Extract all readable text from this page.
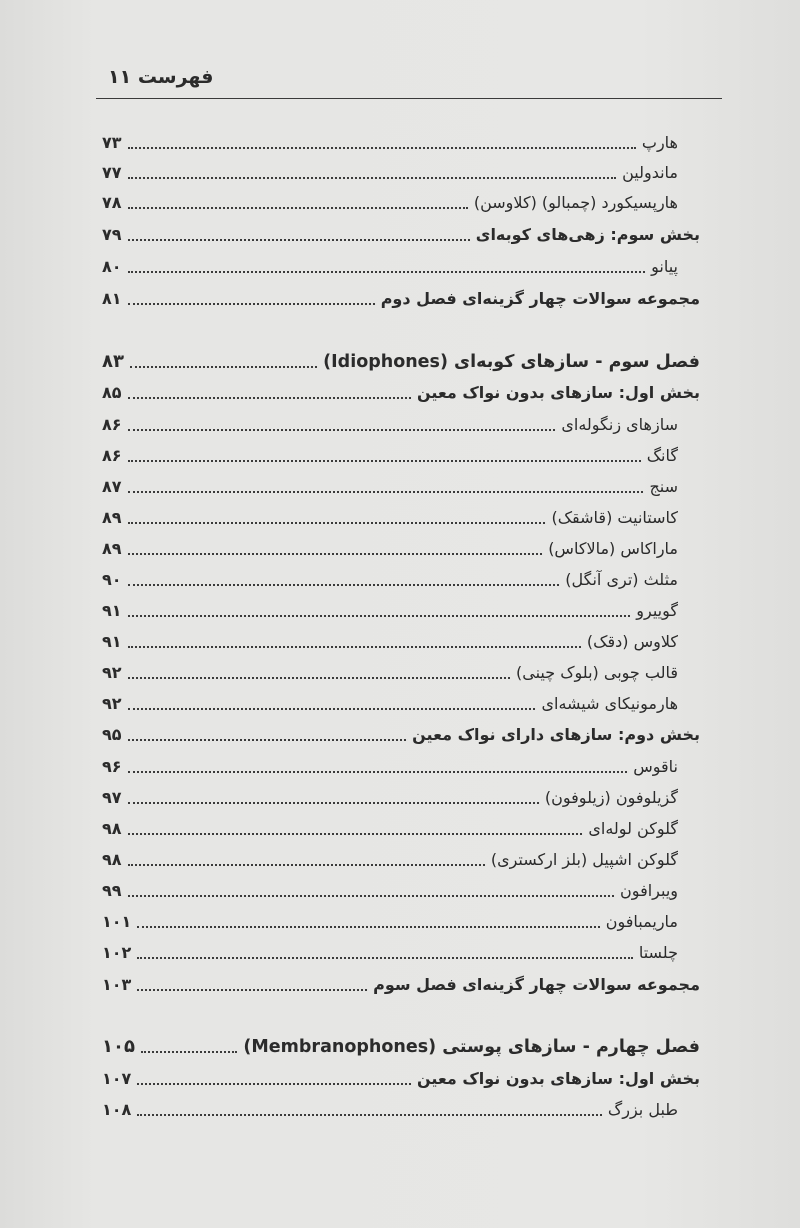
فهرست ۱۱
هارپ
۷۳
ماندولین
۷۷
هارپسیکورد (چمبالو) (کلاوسن)
۷۸
بخش سوم: زهی‌های کوبه‌ای
۷۹
پیانو
۸۰
مجموعه سوالات چهار گزینه‌ای فصل دوم
۸۱
فصل سوم - سازهای کوبه‌ای (Idiophones)
۸۳
بخش اول: سازهای بدون نواک معین
۸۵
سازهای زنگوله‌ای
۸۶
گانگ
۸۶
سنج
۸۷
کاستانیت (قاشقک)
۸۹
ماراکاس (مالاکاس)
۸۹
مثلث (تری آنگل)
۹۰
گوییرو
۹۱
کلاوس (دقک)
۹۱
قالب چوبی (بلوک چینی)
۹۲
هارمونیکای شیشه‌ای
۹۲
بخش دوم: سازهای دارای نواک معین
۹۵
ناقوس
۹۶
گزیلوفون (زیلوفون)
۹۷
گلوکن لوله‌ای
۹۸
گلوکن اشپیل (بلز ارکستری)
۹۸
ویبرافون
۹۹
ماریمبافون
۱۰۱
چلستا
۱۰۲
مجموعه سوالات چهار گزینه‌ای فصل سوم
۱۰۳
فصل چهارم - سازهای پوستی (Membranophones)
۱۰۵
بخش اول: سازهای بدون نواک معین
۱۰۷
طبل بزرگ
۱۰۸
